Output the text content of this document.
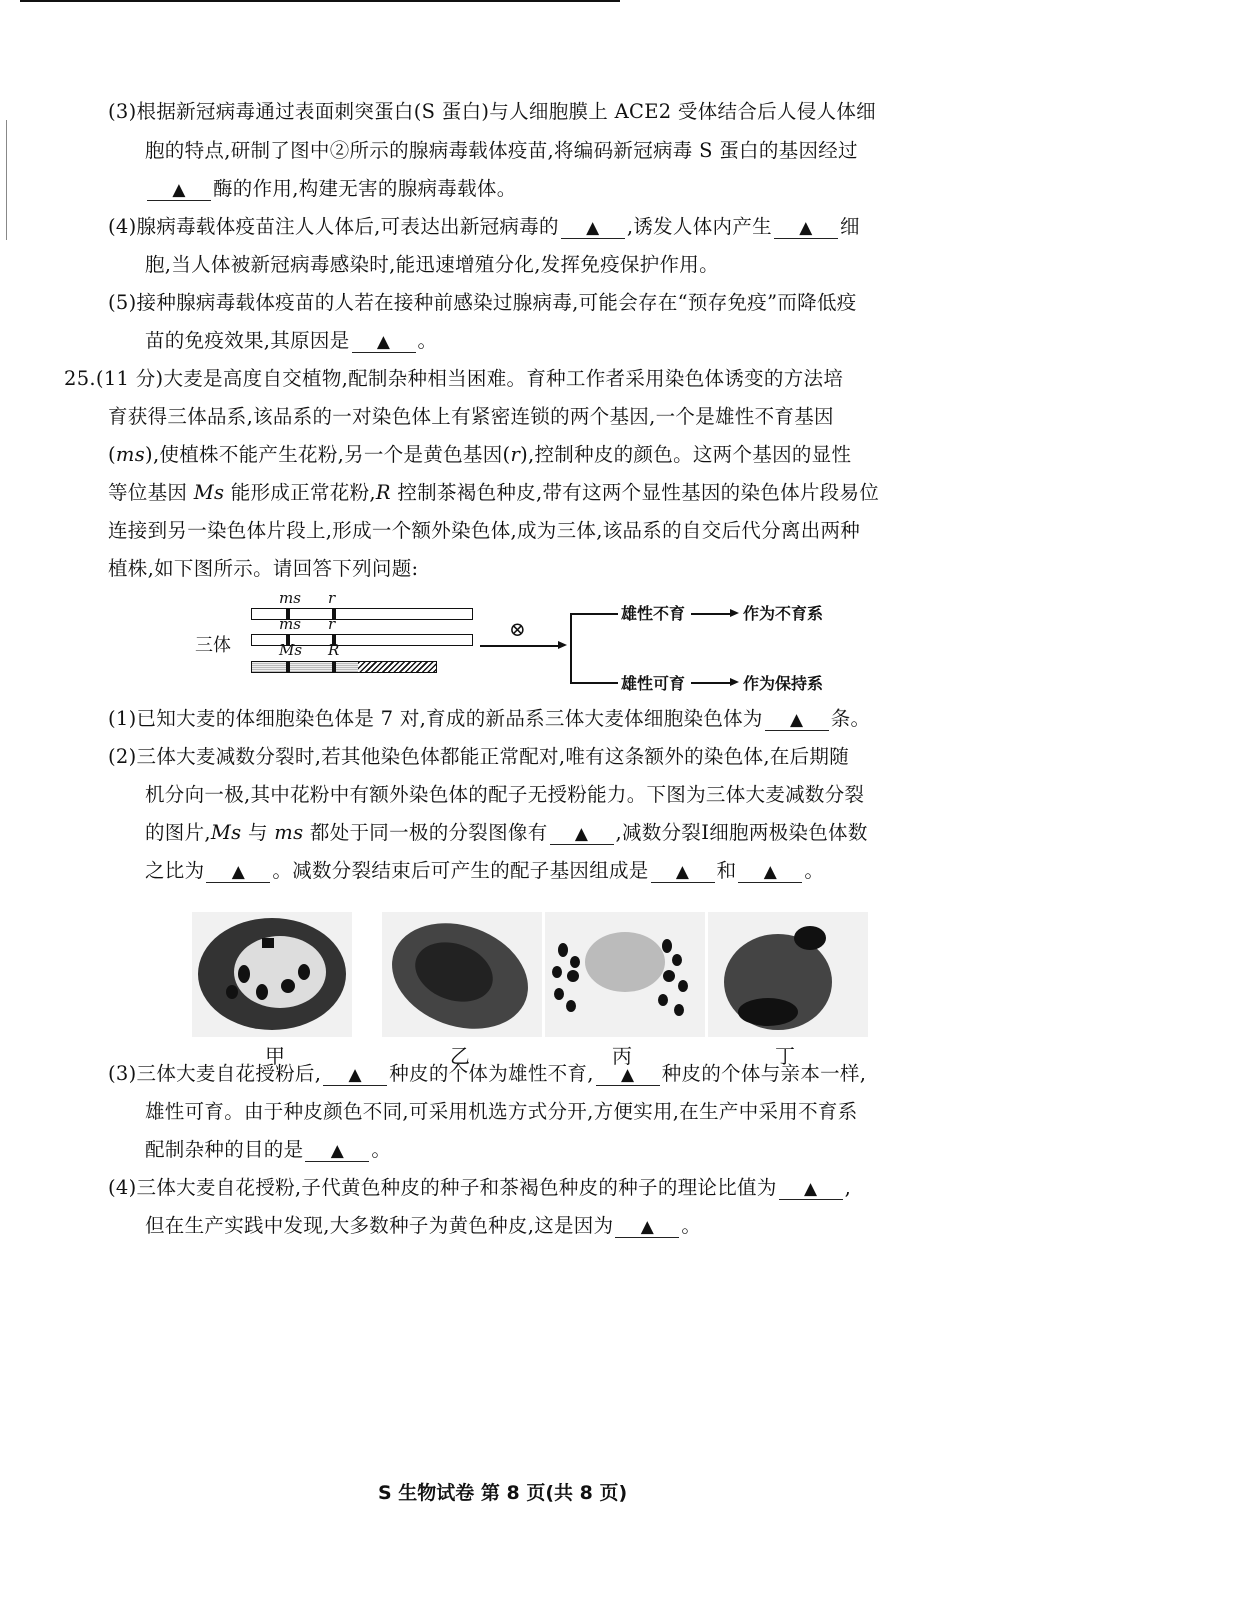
(3)根据新冠病毒通过表面刺突蛋白(S 蛋白)与人细胞膜上 ACE2 受体结合后人侵人体细
胞的特点,研制了图中②所示的腺病毒载体疫苗,将编码新冠病毒 S 蛋白的基因经过
▲ 酶的作用,构建无害的腺病毒载体。
(4)腺病毒载体疫苗注人人体后,可表达出新冠病毒的 ▲ ,诱发人体内产生 ▲ 细
胞,当人体被新冠病毒感染时,能迅速增殖分化,发挥免疫保护作用。
(5)接种腺病毒载体疫苗的人若在接种前感染过腺病毒,可能会存在“预存免疫”而降低疫
苗的免疫效果,其原因是 ▲ 。
25.(11 分)大麦是高度自交植物,配制杂种相当困难。育种工作者采用染色体诱变的方法培
育获得三体品系,该品系的一对染色体上有紧密连锁的两个基因,一个是雄性不育基因
(ms),使植株不能产生花粉,另一个是黄色基因(r),控制种皮的颜色。这两个基因的显性
等位基因 Ms 能形成正常花粉,R 控制茶褐色种皮,带有这两个显性基因的染色体片段易位
连接到另一染色体片段上,形成一个额外染色体,成为三体,该品系的自交后代分离出两种
植株,如下图所示。请回答下列问题:
三体
ms r
ms r
Ms R
⊗
雄性不育	作为不育系
雄性可育	作为保持系
(1)已知大麦的体细胞染色体是 7 对,育成的新品系三体大麦体细胞染色体为 ▲ 条。
(2)三体大麦减数分裂时,若其他染色体都能正常配对,唯有这条额外的染色体,在后期随
机分向一极,其中花粉中有额外染色体的配子无授粉能力。下图为三体大麦减数分裂
的图片,Ms 与 ms 都处于同一极的分裂图像有 ▲ ,减数分裂Ⅰ细胞两极染色体数
之比为 ▲ 。减数分裂结束后可产生的配子基因组成是 ▲ 和 ▲ 。
甲	乙	丙	丁
(3)三体大麦自花授粉后, ▲ 种皮的个体为雄性不育, ▲ 种皮的个体与亲本一样,
雄性可育。由于种皮颜色不同,可采用机选方式分开,方便实用,在生产中采用不育系
配制杂种的目的是 ▲ 。
(4)三体大麦自花授粉,子代黄色种皮的种子和茶褐色种皮的种子的理论比值为 ▲ ,
但在生产实践中发现,大多数种子为黄色种皮,这是因为 ▲ 。
S 生物试卷 第 8 页(共 8 页)
